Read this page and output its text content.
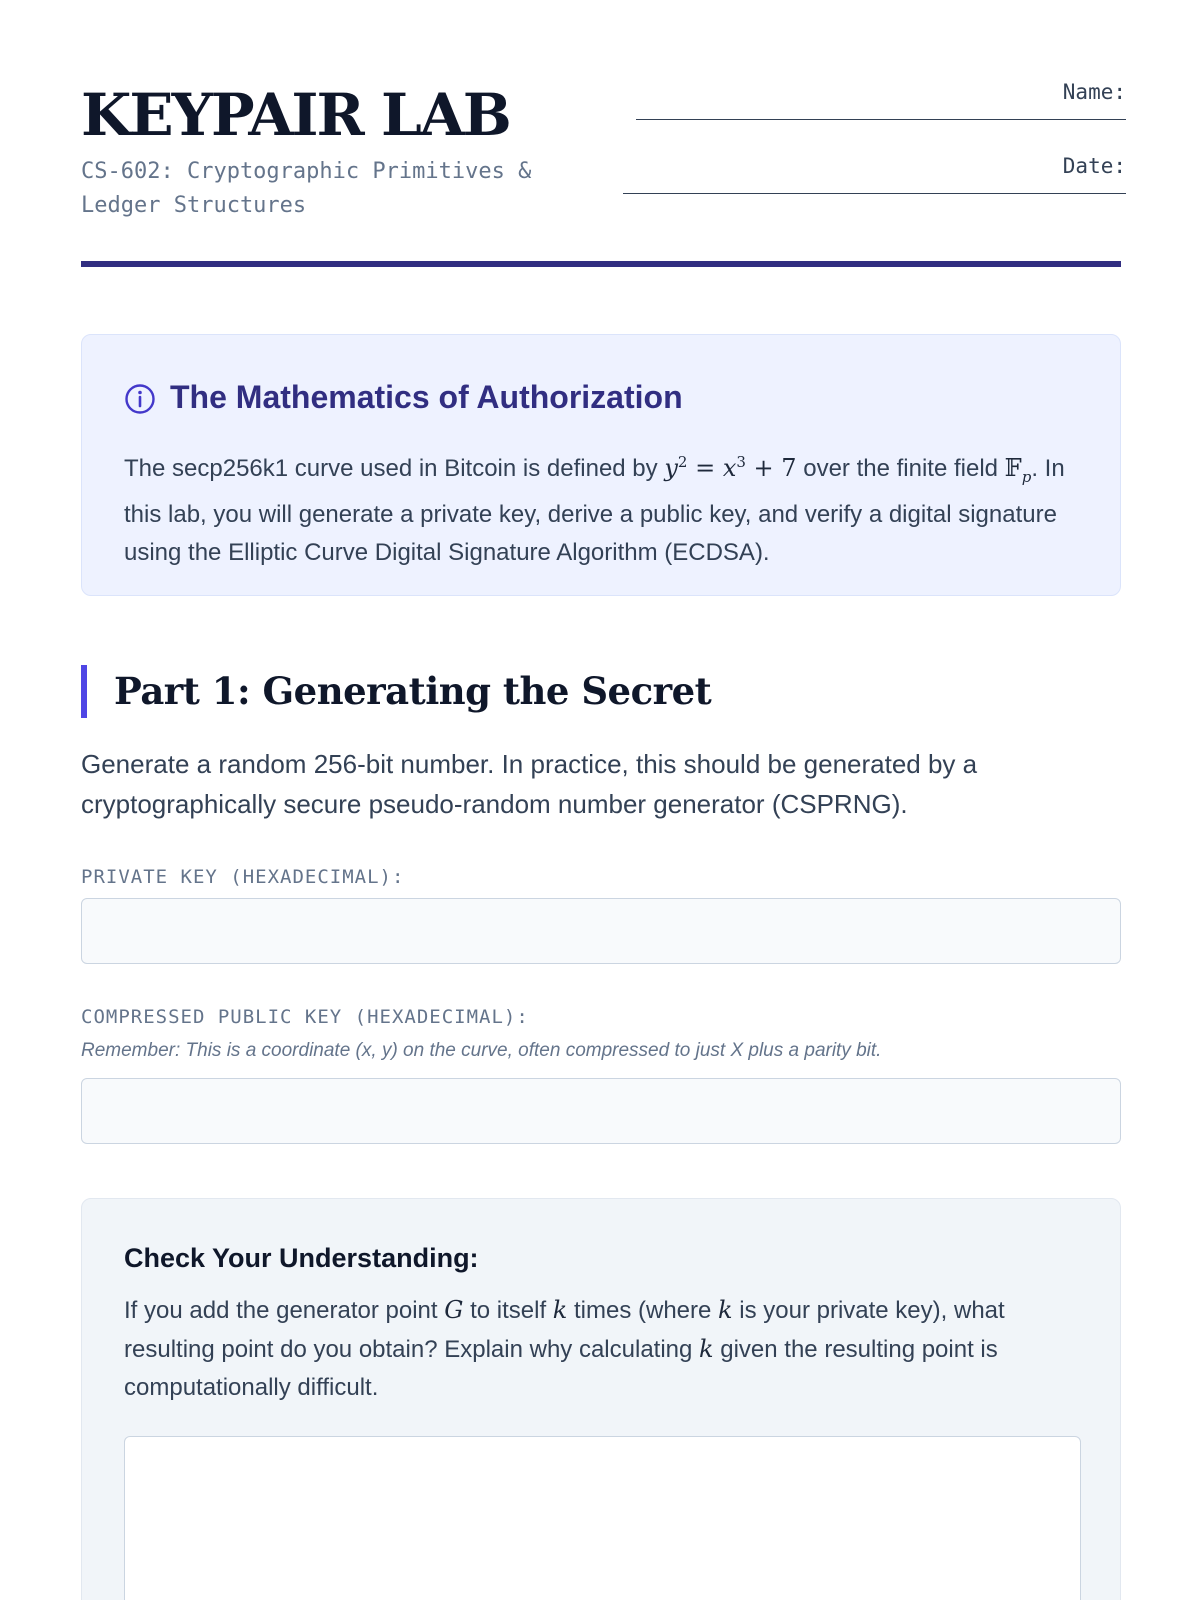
KEYPAIR LAB
CS-602: Cryptographic Primitives & Ledger Structures
Name:
Date:
The Mathematics of Authorization
The secp256k1 curve used in Bitcoin is defined by $y^2 = x^3 + 7$ over the finite field 𝔽$_p$. In this lab, you will generate a private key, derive a public key, and verify a digital signature using the Elliptic Curve Digital Signature Algorithm (ECDSA).
Part 1: Generating the Secret
Generate a random 256-bit number. In practice, this should be generated by a cryptographically secure pseudo-random number generator (CSPRNG).
PRIVATE KEY (HEXADECIMAL):
COMPRESSED PUBLIC KEY (HEXADECIMAL):
Remember: This is a coordinate (x, y) on the curve, often compressed to just X plus a parity bit.
Check Your Understanding:
If you add the generator point G to itself k times (where k is your private key), what resulting point do you obtain? Explain why calculating k given the resulting point is computationally difficult.
